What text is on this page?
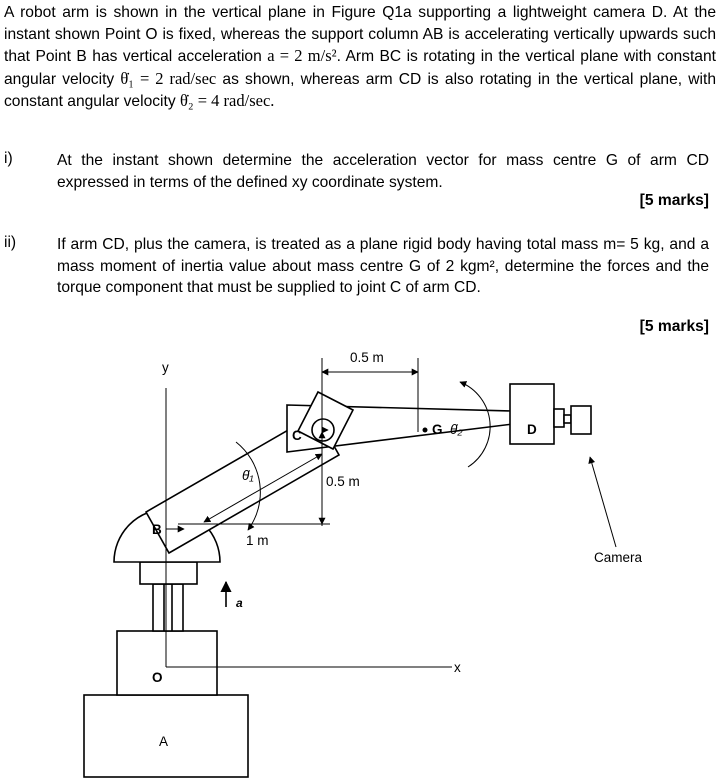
A robot arm is shown in the vertical plane in Figure Q1a supporting a lightweight camera D. At the instant shown Point O is fixed, whereas the support column AB is accelerating vertically upwards such that Point B has vertical acceleration a = 2 m/s². Arm BC is rotating in the vertical plane with constant angular velocity θ̇₁ = 2 rad/sec as shown, whereas arm CD is also rotating in the vertical plane, with constant angular velocity θ̇₂ = 4 rad/sec.
i)	At the instant shown determine the acceleration vector for mass centre G of arm CD expressed in terms of the defined xy coordinate system.
[5 marks]
ii)	If arm CD, plus the camera, is treated as a plane rigid body having total mass m= 5 kg, and a mass moment of inertia value about mass centre G of 2 kgm², determine the forces and the torque component that must be supplied to joint C of arm CD.
[5 marks]
y
x
O
A
B
C	D
G θ̇₂
θ̇₁
a
0.5 m
0.5 m
1 m
Camera
